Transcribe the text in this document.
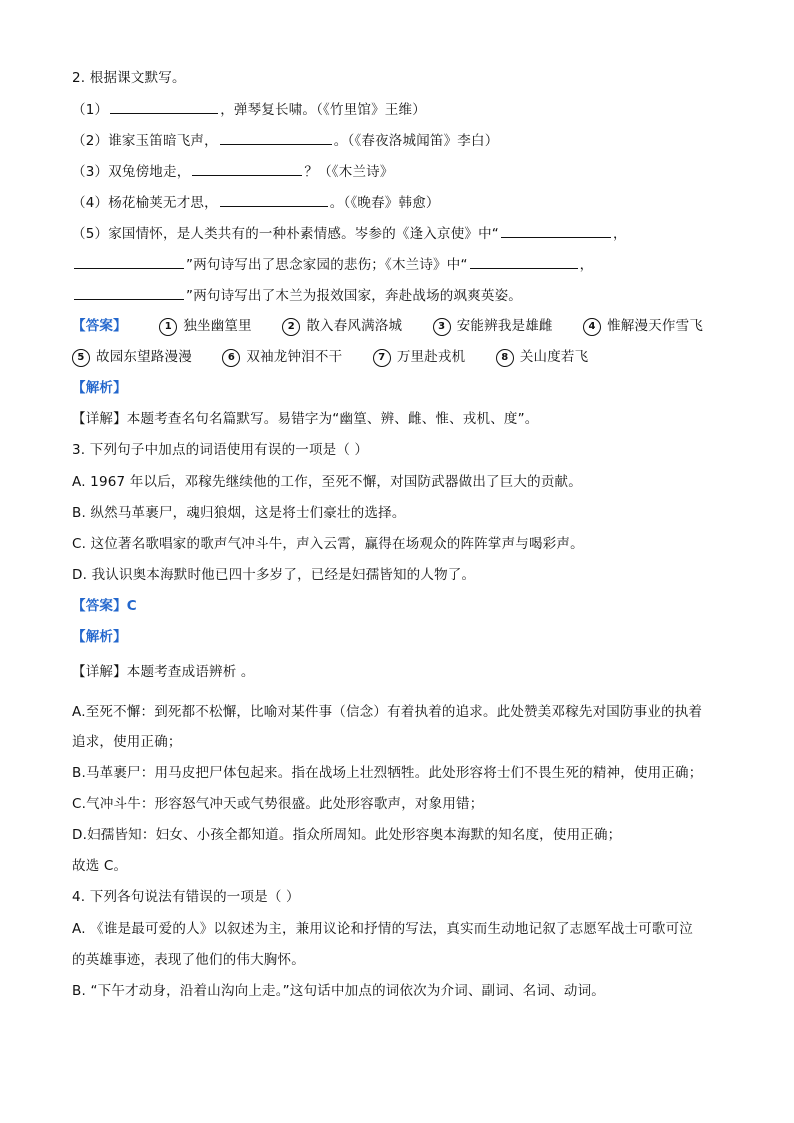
2. 根据课文默写。
（1）	，弹琴复长啸。（《竹里馆》王维）
（2）谁家玉笛暗飞声，	。（《春夜洛城闻笛》李白）
（3）双兔傍地走，	？（《木兰诗》
（4）杨花榆荚无才思，	。（《晚春》韩愈）
（5）家国情怀，是人类共有的一种朴素情感。岑参的《逢入京使》中“	，
”两句诗写出了思念家园的悲伤；《木兰诗》中“	，
”两句诗写出了木兰为报效国家，奔赴战场的飒爽英姿。
【答案】	1 独坐幽篁里	2 散入春风满洛城	3 安能辨我是雄雌	4 惟解漫天作雪飞
5 故园东望路漫漫	6 双袖龙钟泪不干	7 万里赴戎机	8 关山度若飞
【解析】
【详解】本题考查名句名篇默写。易错字为“幽篁、辨、雌、惟、戎机、度”。
3. 下列句子中加点的词语使用有误的一项是（ ）
A. 1967 年以后，邓稼先继续他的工作，至死不懈，对国防武器做出了巨大的贡献。
B. 纵然马革裹尸，魂归狼烟，这是将士们豪壮的选择。
C. 这位著名歌唱家的歌声气冲斗牛，声入云霄，赢得在场观众的阵阵掌声与喝彩声。
D. 我认识奥本海默时他已四十多岁了，已经是妇孺皆知的人物了。
【答案】C
【解析】
【详解】本题考查成语辨析 。
A.至死不懈：到死都不松懈，比喻对某件事（信念）有着执着的追求。此处赞美邓稼先对国防事业的执着
追求，使用正确；
B.马革裹尸：用马皮把尸体包起来。指在战场上壮烈牺牲。此处形容将士们不畏生死的精神，使用正确；
C.气冲斗牛：形容怒气冲天或气势很盛。此处形容歌声，对象用错；
D.妇孺皆知：妇女、小孩全都知道。指众所周知。此处形容奥本海默的知名度，使用正确；
故选 C。
4. 下列各句说法有错误的一项是（ ）
A. 《谁是最可爱的人》以叙述为主，兼用议论和抒情的写法，真实而生动地记叙了志愿军战士可歌可泣
的英雄事迹，表现了他们的伟大胸怀。
B. “下午才动身，沿着山沟向上走。”这句话中加点的词依次为介词、副词、名词、动词。
